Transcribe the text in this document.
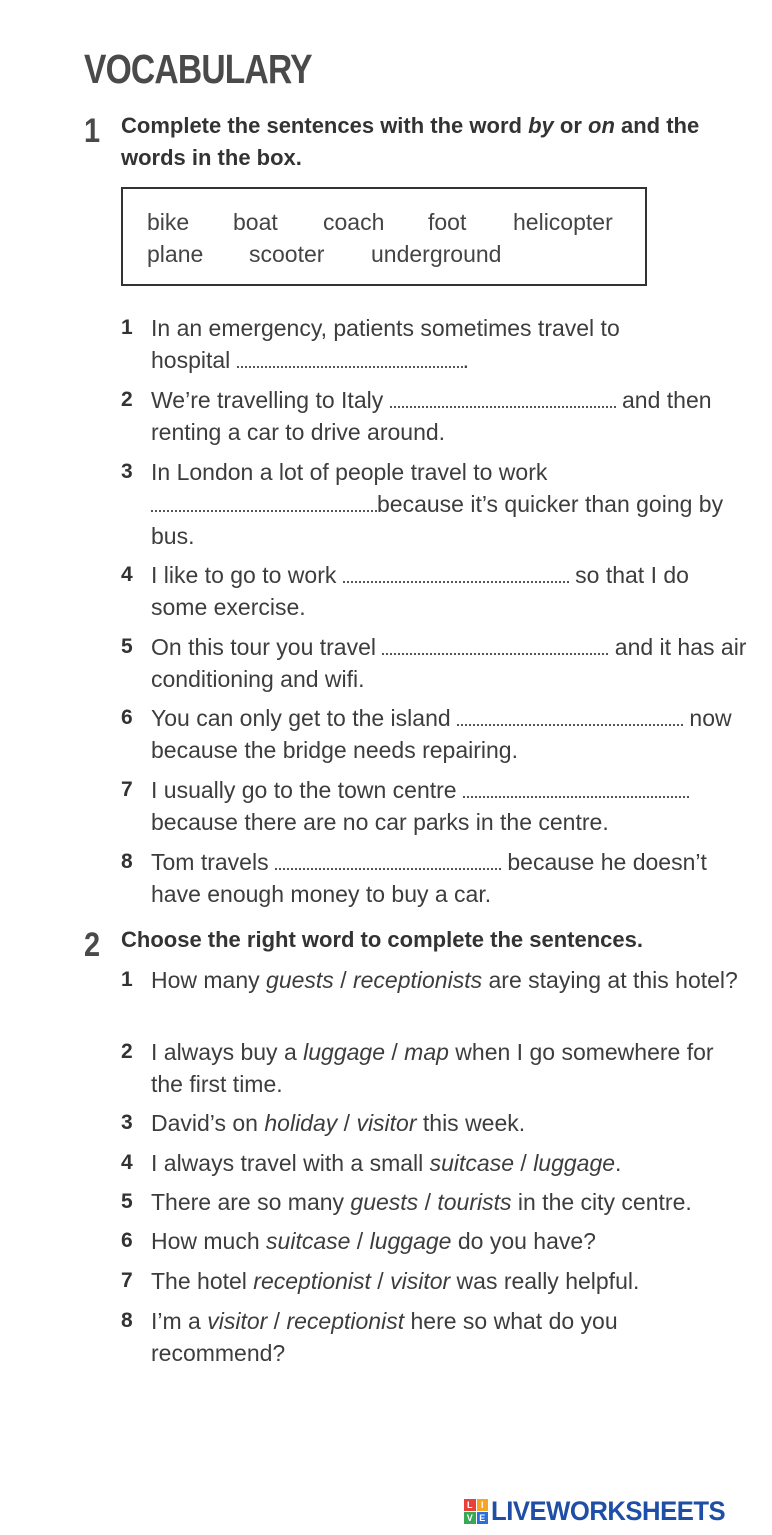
VOCABULARY
1 Complete the sentences with the word by or on and the words in the box.
bike boat coach foot helicopter
plane scooter underground
1 In an emergency, patients sometimes travel to hospital	.
2 We’re travelling to Italy	and then renting a car to drive around.
3 In London a lot of people travel to work because it’s quicker than going by bus.
4 I like to go to work	so that I do some exercise.
5 On this tour you travel	and it has air conditioning and wifi.
6 You can only get to the island	now because the bridge needs repairing.
7 I usually go to the town centre  because there are no car parks in the centre.
8 Tom travels	because he doesn’t have enough money to buy a car.
2 Choose the right word to complete the sentences.
1 How many guests / receptionists are staying at this hotel?
2 I always buy a luggage / map when I go somewhere for the first time.
3 David’s on holiday / visitor this week.
4 I always travel with a small suitcase / luggage.
5 There are so many guests / tourists in the city centre.
6 How much suitcase / luggage do you have?
7 The hotel receptionist / visitor was really helpful.
8 I’m a visitor / receptionist here so what do you recommend?
L I
V E LIVEWORKSHEETS
